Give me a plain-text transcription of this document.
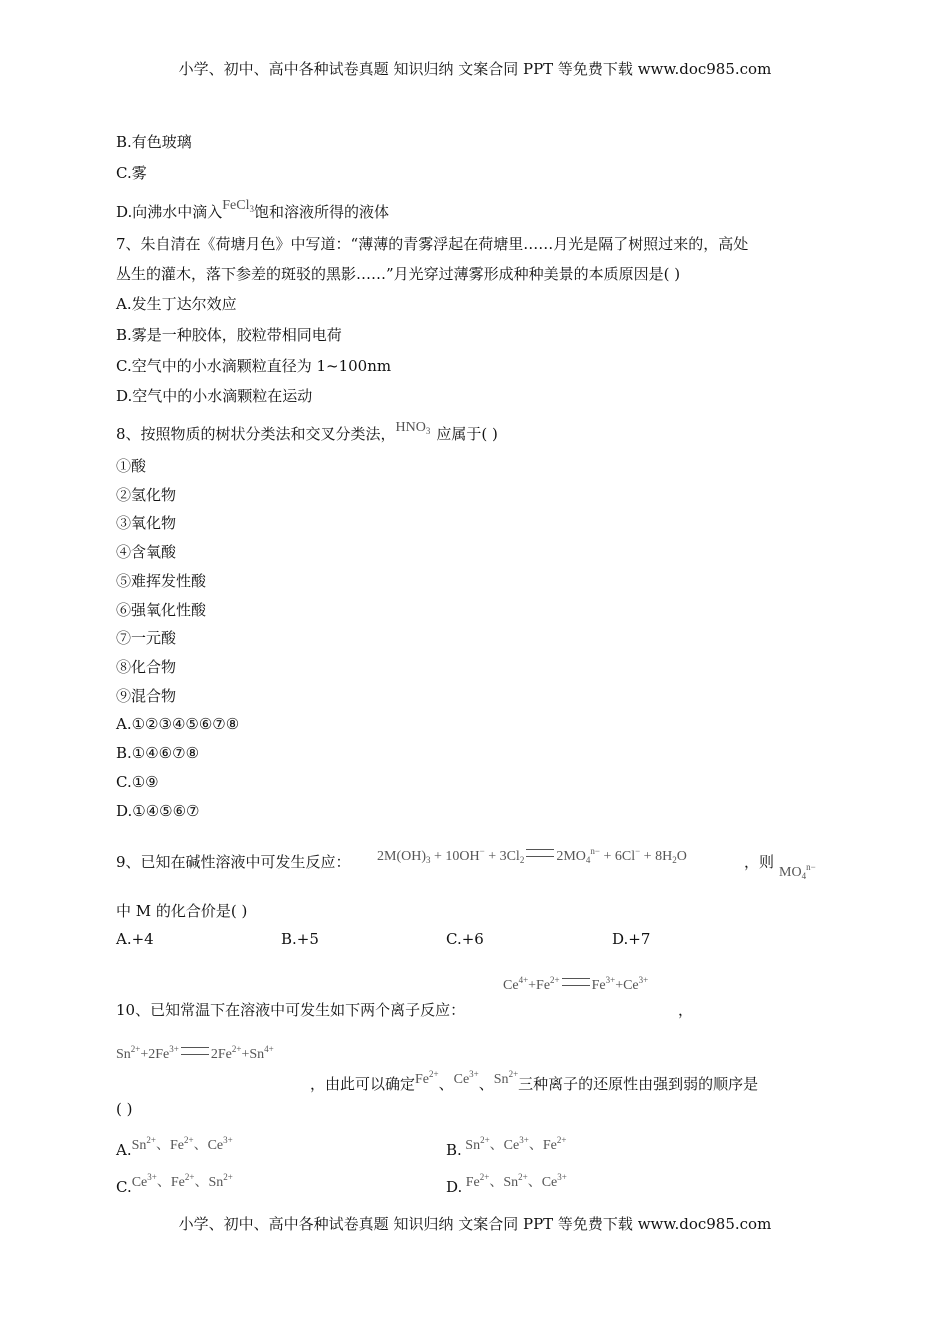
小学、初中、高中各种试卷真题 知识归纳 文案合同 PPT 等免费下载 www.doc985.com
B.有色玻璃
C.雾
D.向沸水中滴入FeCl$_3$饱和溶液所得的液体
7、朱自清在《荷塘月色》中写道：“薄薄的青雾浮起在荷塘里……月光是隔了树照过来的，高处
丛生的灌木，落下参差的斑驳的黑影……”月光穿过薄雾形成种种美景的本质原因是( )
A.发生丁达尔效应
B.雾是一种胶体，胶粒带相同电荷
C.空气中的小水滴颗粒直径为 1~100nm
D.空气中的小水滴颗粒在运动
8、按照物质的树状分类法和交叉分类法，$HNO_3$ 应属于( )
①酸
②氢化物
③氧化物
④含氧酸
⑤难挥发性酸
⑥强氧化性酸
⑦一元酸
⑧化合物
⑨混合物
A.①②③④⑤⑥⑦⑧
B.①④⑥⑦⑧
C.①⑨
D.①④⑤⑥⑦
9、已知在碱性溶液中可发生反应： $2M(OH)_3 + 10OH^- + 3Cl_2$ $2MO_4^{n-} + 6Cl^- + 8H_2O$	，则
$MO_4^{n-}$
中 M 的化合价是( )
A.+4	B.+5	C.+6	D.+7
$Ce^{4+}+Fe^{2+}$ $Fe^{3+}+Ce^{3+}$
10、已知常温下在溶液中可发生如下两个离子反应：	，
$Sn^{2+}+2Fe^{3+}$ $2Fe^{2+}+Sn^{4+}$
，由此可以确定$Fe^{2+}$、$Ce^{3+}$、$Sn^{2+}$三种离子的还原性由强到弱的顺序是
( )
$A.Sn^{2+}$、$Fe^{2+}$、$Ce^{3+}$
B. $Sn^{2+}$、$Ce^{3+}$、$Fe^{2+}$
$C.Ce^{3+}$、$Fe^{2+}$、$Sn^{2+}$
D. $Fe^{2+}$、$Sn^{2+}$、$Ce^{3+}$
小学、初中、高中各种试卷真题 知识归纳 文案合同 PPT 等免费下载 www.doc985.com
